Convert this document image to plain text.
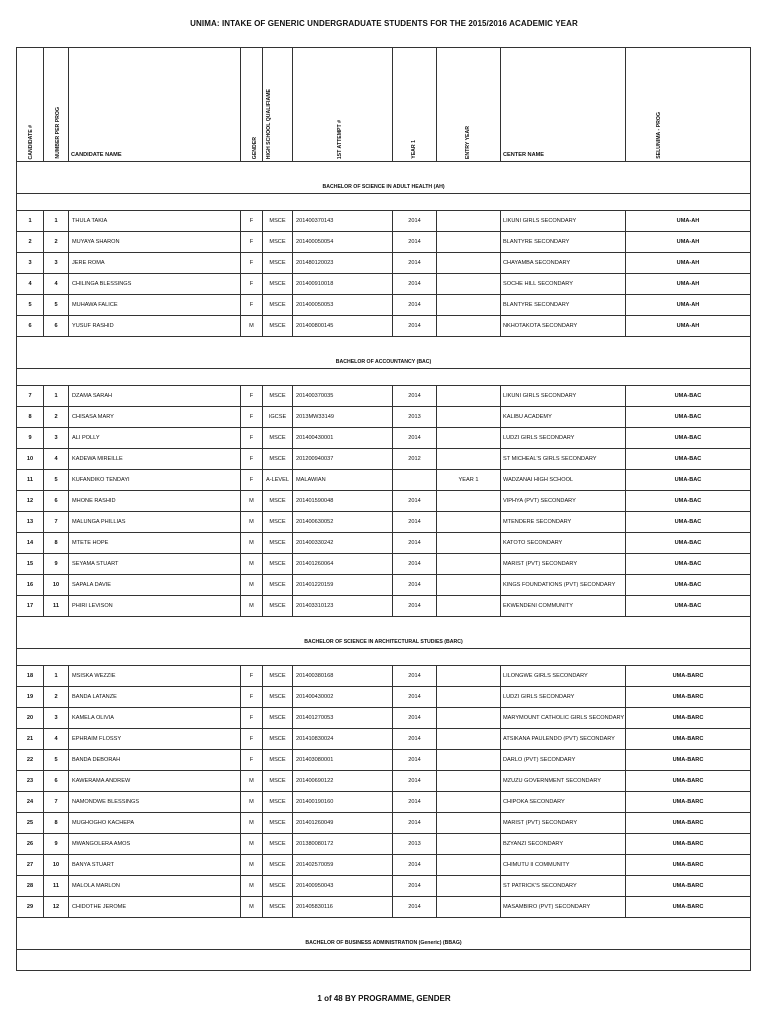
UNIMA: INTAKE OF GENERIC UNDERGRADUATE STUDENTS FOR THE 2015/2016 ACADEMIC YEAR
CANDIDATE #	NUMBER PER PROG	CANDIDATE NAME	GENDER	HIGH SCHOOL QUALIFIAME	1ST ATTEMPT #	YEAR 1	ENTRY YEAR	CENTER NAME	SELUNIMA - PROG
BACHELOR OF SCIENCE IN ADULT HEALTH (AH)									

1	1	THULA TAKIA	F	MSCE	201400370143	2014		LIKUNI GIRLS SECONDARY	UMA-AH
2	2	MUYAYA SHARON	F	MSCE	201400050054	2014		BLANTYRE SECONDARY	UMA-AH
3	3	JERE ROMA	F	MSCE	201480120023	2014		CHAYAMBA SECONDARY	UMA-AH
4	4	CHILINGA BLESSINGS	F	MSCE	201400910018	2014		SOCHE HILL SECONDARY	UMA-AH
5	5	MUHAWA FALICE	F	MSCE	201400050053	2014		BLANTYRE SECONDARY	UMA-AH
6	6	YUSUF RASHID	M	MSCE	201400800145	2014		NKHOTAKOTA SECONDARY	UMA-AH
BACHELOR OF ACCOUNTANCY (BAC)									

7	1	DZAMA SARAH	F	MSCE	201400370035	2014		LIKUNI GIRLS SECONDARY	UMA-BAC
8	2	CHISASA MARY	F	IGCSE	2013MW33149	2013		KALIBU ACADEMY	UMA-BAC
9	3	ALI POLLY	F	MSCE	201400430001	2014		LUDZI GIRLS SECONDARY	UMA-BAC
10	4	KADEWA MIREILLE	F	MSCE	201200940037	2012		ST MICHEAL'S GIRLS SECONDARY	UMA-BAC
11	5	KUFANDIKO TENDAYI	F	A-LEVEL	MALAWIAN		YEAR 1	WADZANAI HIGH SCHOOL	UMA-BAC
12	6	MHONE RASHID	M	MSCE	201401590048	2014		VIPHYA (PVT) SECONDARY	UMA-BAC
13	7	MALUNGA PHILLIAS	M	MSCE	201400630052	2014		MTENDERE SECONDARY	UMA-BAC
14	8	MTETE HOPE	M	MSCE	201400330242	2014		KATOTO SECONDARY	UMA-BAC
15	9	SEYAMA STUART	M	MSCE	201401260064	2014		MARIST (PVT) SECONDARY	UMA-BAC
16	10	SAPALA DAVIE	M	MSCE	201401220159	2014		KINGS FOUNDATIONS (PVT) SECONDARY	UMA-BAC
17	11	PHIRI LEVISON	M	MSCE	201403310123	2014		EKWENDENI COMMUNITY	UMA-BAC
BACHELOR OF SCIENCE IN ARCHITECTURAL STUDIES (BARC)									

18	1	MSISKA WEZZIE	F	MSCE	201400380168	2014		LILONGWE GIRLS SECONDARY	UMA-BARC
19	2	BANDA LATANZE	F	MSCE	201400430002	2014		LUDZI GIRLS SECONDARY	UMA-BARC
20	3	KAMELA OLIVIA	F	MSCE	201401270053	2014		MARYMOUNT CATHOLIC GIRLS SECONDARY	UMA-BARC
21	4	EPHRAIM FLOSSY	F	MSCE	201410830024	2014		ATSIKANA PAULENDO (PVT) SECONDARY	UMA-BARC
22	5	BANDA DEBORAH	F	MSCE	201403080001	2014		DARLO (PVT) SECONDARY	UMA-BARC
23	6	KAWERAMA ANDREW	M	MSCE	201400690122	2014		MZUZU GOVERNMENT SECONDARY	UMA-BARC
24	7	NAMONDWE BLESSINGS	M	MSCE	201400190160	2014		CHIPOKA SECONDARY	UMA-BARC
25	8	MUGHOGHO KACHEPA	M	MSCE	201401260049	2014		MARIST (PVT) SECONDARY	UMA-BARC
26	9	MWANGOLERA AMOS	M	MSCE	201380080172	2013		BZYANZI SECONDARY	UMA-BARC
27	10	BANYA STUART	M	MSCE	201402570059	2014		CHIMUTU II COMMUNITY	UMA-BARC
28	11	MALOLA MARLON	M	MSCE	201400950043	2014		ST PATRICK'S SECONDARY	UMA-BARC
29	12	CHIDOTHE JEROME	M	MSCE	201405830116	2014		MASAMBIRO (PVT) SECONDARY	UMA-BARC
BACHELOR OF BUSINESS ADMINISTRATION (Generic) (BBAG)									

1 of 48 BY PROGRAMME, GENDER
